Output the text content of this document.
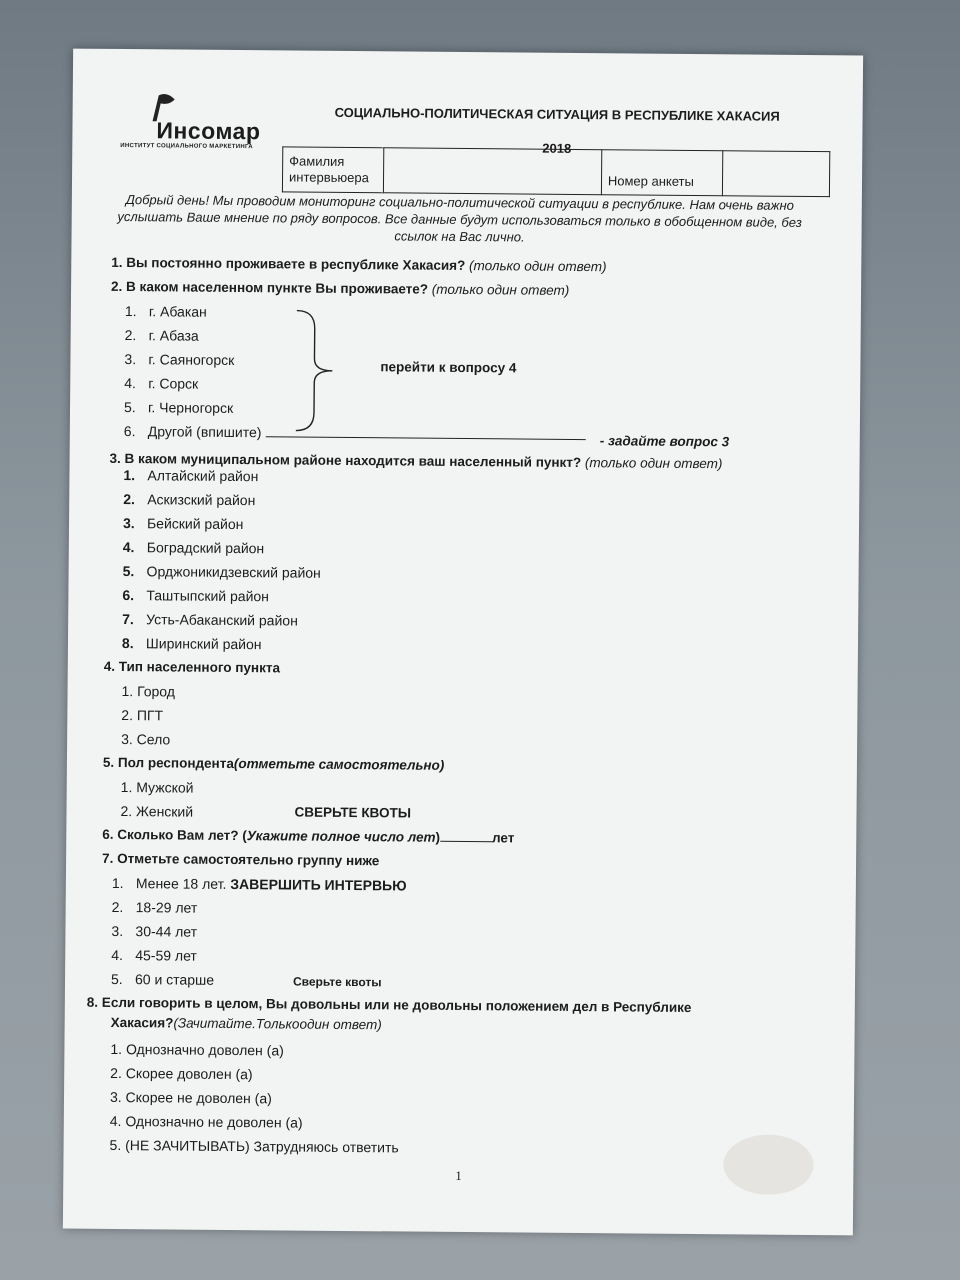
Инсомар
ИНСТИТУТ СОЦИАЛЬНОГО МАРКЕТИНГА
СОЦИАЛЬНО-ПОЛИТИЧЕСКАЯ СИТУАЦИЯ В РЕСПУБЛИКЕ ХАКАСИЯ
2018
Фамилия интервьюера		Номер анкеты	
Добрый день! Мы проводим мониторинг социально-политической ситуации в республике. Нам очень важно услышать Ваше мнение по ряду вопросов. Все данные будут использоваться только в обобщенном виде, без ссылок на Вас лично.
1. Вы постоянно проживаете в республике Хакасия? (только один ответ)
2. В каком населенном пункте Вы проживаете? (только один ответ)
1. г. Абакан
2. г. Абаза
3. г. Саяногорск
4. г. Сорск
5. г. Черногорск
6. Другой (впишите)
- задайте вопрос 3
перейти к вопросу 4
3. В каком муниципальном районе находится ваш населенный пункт? (только один ответ)
1. Алтайский район
2. Аскизский район
3. Бейский район
4. Боградский район
5. Орджоникидзевский район
6. Таштыпский район
7. Усть-Абаканский район
8. Ширинский район
4. Тип населенного пункта
1. Город
2. ПГТ
3. Село
5. Пол респондента(отметьте самостоятельно)
1. Мужской
2. Женский	СВЕРЬТЕ КВОТЫ
6. Сколько Вам лет? (Укажите полное число лет)	лет
7. Отметьте самостоятельно группу ниже
1. Менее 18 лет. ЗАВЕРШИТЬ ИНТЕРВЬЮ
2. 18-29 лет
3. 30-44 лет
4. 45-59 лет
5. 60 и старше	Сверьте квоты
8. Если говорить в целом, Вы довольны или не довольны положением дел в Республике
Хакасия?(Зачитайте.Толькоодин ответ)
1. Однозначно доволен (а)
2. Скорее доволен (а)
3. Скорее не доволен (а)
4. Однозначно не доволен (а)
5. (НЕ ЗАЧИТЫВАТЬ) Затрудняюсь ответить
1
